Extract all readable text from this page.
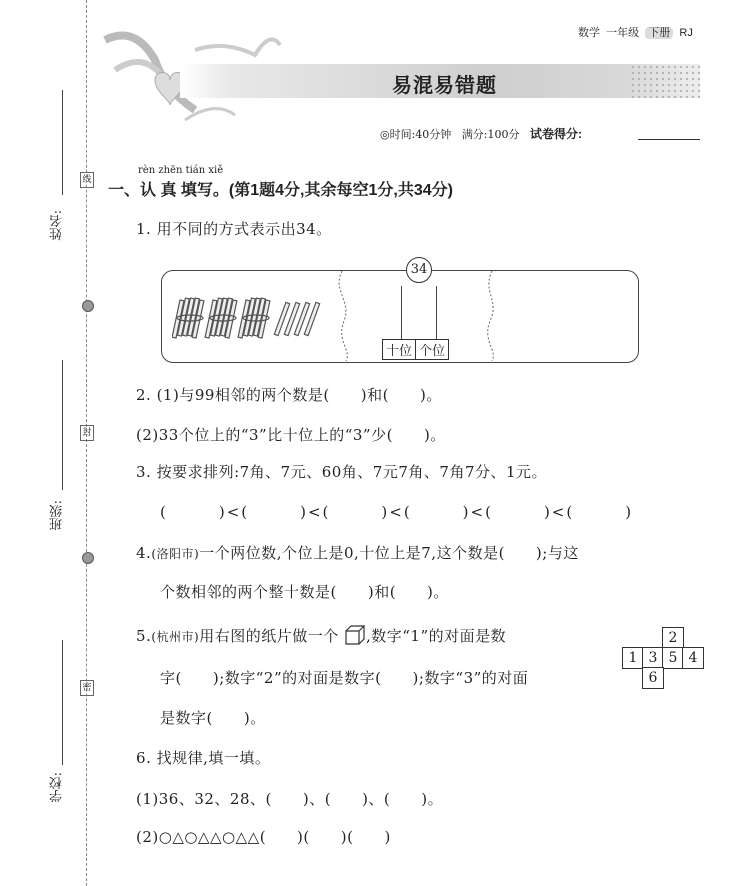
姓名:
班级:
学校:
线
封
密
数学 一年级 下册 RJ
易混易错题
◎时间:40分钟 满分:100分 试卷得分:
rèn zhēn tián xiě
一、认 真 填写。(第1题4分,其余每空1分,共34分)
1. 用不同的方式表示出34。
34
十位 个位
2. (1)与99相邻的两个数是(　　)和(　　)。
(2)33个位上的“3”比十位上的“3”少(　　)。
3. 按要求排列:7角、7元、60角、7元7角、7角7分、1元。
(　　　)<(　　　)<(　　　)<(　　　)<(　　　)<(　　　)
4.(洛阳市)一个两位数,个位上是0,十位上是7,这个数是(　　);与这
个数相邻的两个整十数是(　　)和(　　)。
5.(杭州市)用右图的纸片做一个 ,数字“1”的对面是数
字(　　);数字“2”的对面是数字(　　);数字“3”的对面
是数字(　　)。
2
1 3 5 4
6
6. 找规律,填一填。
(1)36、32、28、(　　)、(　　)、(　　)。
(2)○△○△△○△△(　　)(　　)(　　)
